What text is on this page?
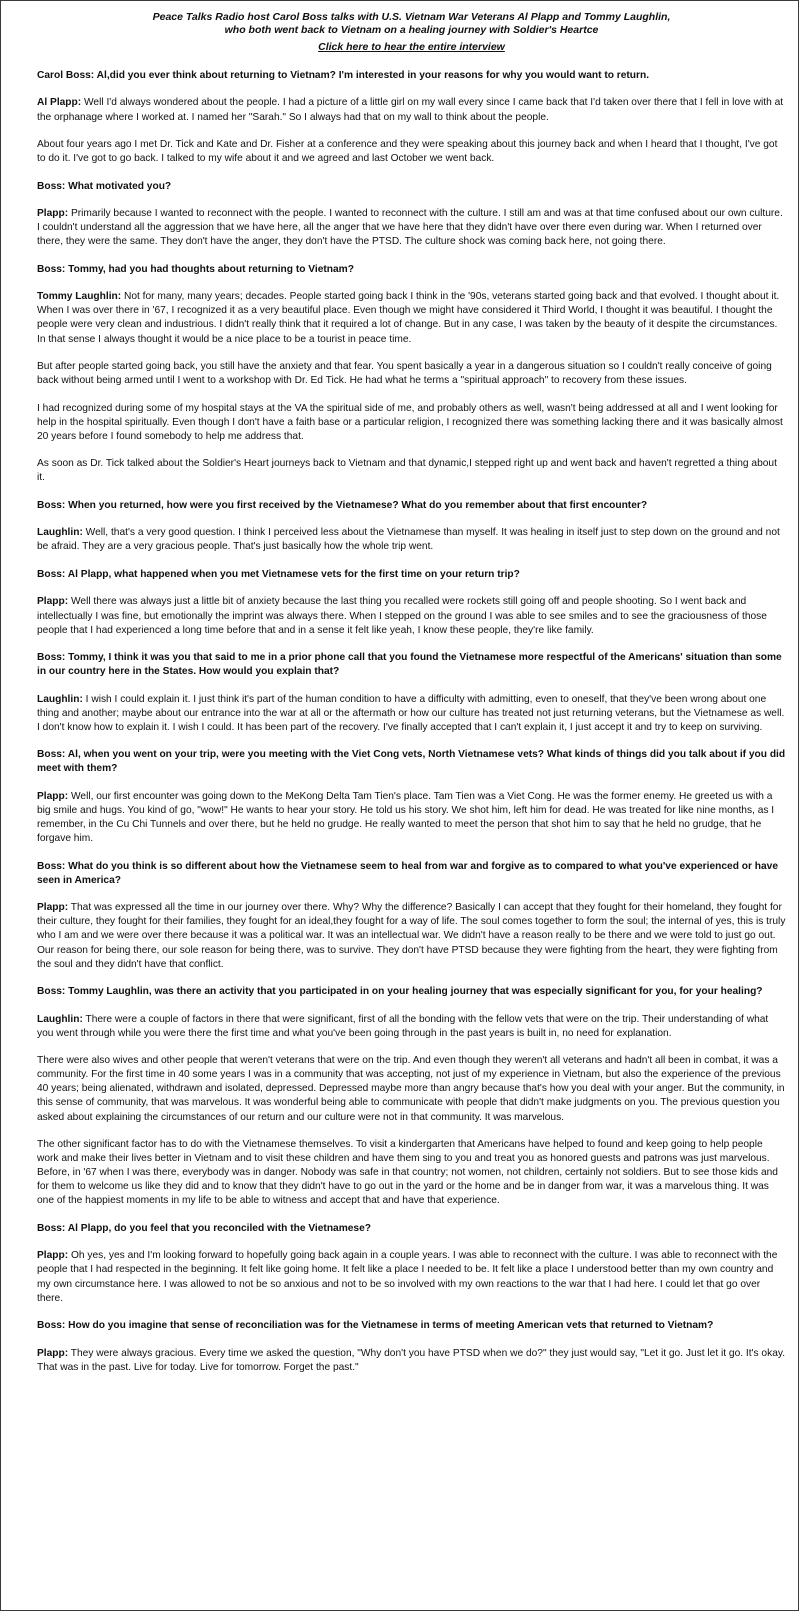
Peace Talks Radio host Carol Boss talks with U.S. Vietnam War Veterans Al Plapp and Tommy Laughlin,

who both went back to Vietnam on a healing journey with Soldier's Heartce

Click here to hear the entire interview

Carol Boss: Al,did you ever think about returning to Vietnam? I'm interested in your reasons for why you would want to return.

Al Plapp: Well I'd always wondered about the people. I had a picture of a little girl on my wall every since I came back that I'd taken over there that I fell in love with at the orphanage where I worked at. I named her "Sarah." So I always had that on my wall to think about the people.

About four years ago I met Dr. Tick and Kate and Dr. Fisher at a conference and they were speaking about this journey back and when I heard that I thought, I've got to do it. I've got to go back. I talked to my wife about it and we agreed and last October we went back.

Boss: What motivated you?

Plapp: Primarily because I wanted to reconnect with the people. I wanted to reconnect with the culture. I still am and was at that time confused about our own culture. I couldn't understand all the aggression that we have here, all the anger that we have here that they didn't have over there even during war. When I returned over there, they were the same. They don't have the anger, they don't have the PTSD. The culture shock was coming back here, not going there.

Boss: Tommy, had you had thoughts about returning to Vietnam?

Tommy Laughlin: Not for many, many years; decades. People started going back I think in the '90s, veterans started going back and that evolved. I thought about it. When I was over there in '67, I recognized it as a very beautiful place. Even though we might have considered it Third World, I thought it was beautiful. I thought the people were very clean and industrious. I didn't really think that it required a lot of change. But in any case, I was taken by the beauty of it despite the circumstances. In that sense I always thought it would be a nice place to be a tourist in peace time.

But after people started going back, you still have the anxiety and that fear. You spent basically a year in a dangerous situation so I couldn't really conceive of going back without being armed until I went to a workshop with Dr. Ed Tick. He had what he terms a "spiritual approach" to recovery from these issues.

I had recognized during some of my hospital stays at the VA the spiritual side of me, and probably others as well, wasn't being addressed at all and I went looking for help in the hospital spiritually. Even though I don't have a faith base or a particular religion, I recognized there was something lacking there and it was basically almost 20 years before I found somebody to help me address that.

As soon as Dr. Tick talked about the Soldier's Heart journeys back to Vietnam and that dynamic,I stepped right up and went back and haven't regretted a thing about it.

Boss: When you returned, how were you first received by the Vietnamese? What do you remember about that first encounter?

Laughlin: Well, that's a very good question. I think I perceived less about the Vietnamese than myself. It was healing in itself just to step down on the ground and not be afraid. They are a very gracious people. That's just basically how the whole trip went.

Boss: Al Plapp, what happened when you met Vietnamese vets for the first time on your return trip?

Plapp: Well there was always just a little bit of anxiety because the last thing you recalled were rockets still going off and people shooting. So I went back and intellectually I was fine, but emotionally the imprint was always there. When I stepped on the ground I was able to see smiles and to see the graciousness of those people that I had experienced a long time before that and in a sense it felt like yeah, I know these people, they're like family.

Boss: Tommy, I think it was you that said to me in a prior phone call that you found the Vietnamese more respectful of the Americans' situation than some in our country here in the States. How would you explain that?

Laughlin: I wish I could explain it. I just think it's part of the human condition to have a difficulty with admitting, even to oneself, that they've been wrong about one thing and another; maybe about our entrance into the war at all or the aftermath or how our culture has treated not just returning veterans, but the Vietnamese as well. I don't know how to explain it. I wish I could. It has been part of the recovery. I've finally accepted that I can't explain it, I just accept it and try to keep on surviving.

Boss: Al, when you went on your trip, were you meeting with the Viet Cong vets, North Vietnamese vets? What kinds of things did you talk about if you did meet with them?

Plapp: Well, our first encounter was going down to the MeKong Delta Tam Tien's place. Tam Tien was a Viet Cong. He was the former enemy. He greeted us with a big smile and hugs. You kind of go, "wow!" He wants to hear your story. He told us his story. We shot him, left him for dead. He was treated for like nine months, as I remember, in the Cu Chi Tunnels and over there, but he held no grudge. He really wanted to meet the person that shot him to say that he held no grudge, that he forgave him.

Boss: What do you think is so different about how the Vietnamese seem to heal from war and forgive as to compared to what you've experienced or have seen in America?

Plapp: That was expressed all the time in our journey over there. Why? Why the difference? Basically I can accept that they fought for their homeland, they fought for their culture, they fought for their families, they fought for an ideal,they fought for a way of life. The soul comes together to form the soul; the internal of yes, this is truly who I am and we were over there because it was a political war. It was an intellectual war. We didn't have a reason really to be there and we were told to just go out. Our reason for being there, our sole reason for being there, was to survive. They don't have PTSD because they were fighting from the heart, they were fighting from the soul and they didn't have that conflict.

Boss: Tommy Laughlin, was there an activity that you participated in on your healing journey that was especially significant for you, for your healing?

Laughlin: There were a couple of factors in there that were significant, first of all the bonding with the fellow vets that were on the trip. Their understanding of what you went through while you were there the first time and what you've been going through in the past years is built in, no need for explanation.

There were also wives and other people that weren't veterans that were on the trip. And even though they weren't all veterans and hadn't all been in combat, it was a community. For the first time in 40 some years I was in a community that was accepting, not just of my experience in Vietnam, but also the experience of the previous 40 years; being alienated, withdrawn and isolated, depressed. Depressed maybe more than angry because that's how you deal with your anger. But the community, in this sense of community, that was marvelous. It was wonderful being able to communicate with people that didn't make judgments on you. The previous question you asked about explaining the circumstances of our return and our culture were not in that community. It was marvelous.

The other significant factor has to do with the Vietnamese themselves. To visit a kindergarten that Americans have helped to found and keep going to help people work and make their lives better in Vietnam and to visit these children and have them sing to you and treat you as honored guests and patrons was just marvelous. Before, in '67 when I was there, everybody was in danger. Nobody was safe in that country; not women, not children, certainly not soldiers. But to see those kids and for them to welcome us like they did and to know that they didn't have to go out in the yard or the home and be in danger from war, it was a marvelous thing. It was one of the happiest moments in my life to be able to witness and accept that and have that experience.

Boss: Al Plapp, do you feel that you reconciled with the Vietnamese?

Plapp: Oh yes, yes and I'm looking forward to hopefully going back again in a couple years. I was able to reconnect with the culture. I was able to reconnect with the people that I had respected in the beginning. It felt like going home. It felt like a place I needed to be. It felt like a place I understood better than my own country and my own circumstance here. I was allowed to not be so anxious and not to be so involved with my own reactions to the war that I had here. I could let that go over there.

Boss: How do you imagine that sense of reconciliation was for the Vietnamese in terms of meeting American vets that returned to Vietnam?

Plapp: They were always gracious. Every time we asked the question, "Why don't you have PTSD when we do?" they just would say, "Let it go. Just let it go. It's okay. That was in the past. Live for today. Live for tomorrow. Forget the past."
